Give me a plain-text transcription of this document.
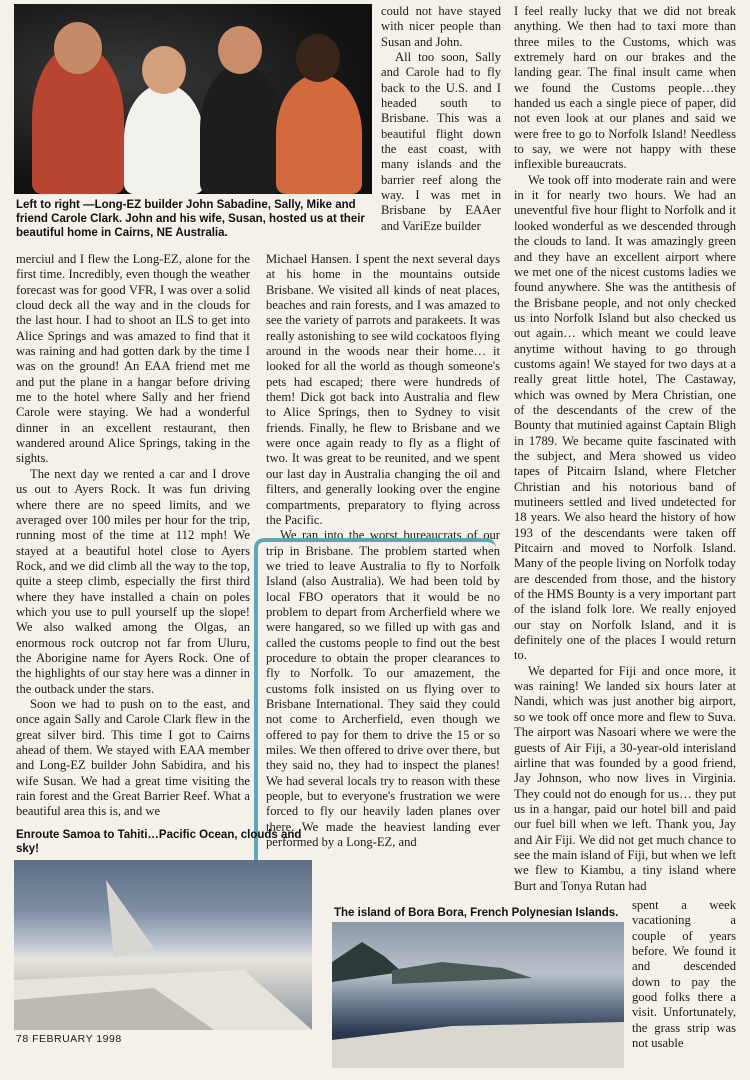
Left to right —Long-EZ builder John Sabadine, Sally, Mike and friend Carole Clark. John and his wife, Susan, hosted us at their beautiful home in Cairns, NE Australia.

merciul and I flew the Long-EZ, alone for the first time. Incredibly, even though the weather forecast was for good VFR, I was over a solid cloud deck all the way and in the clouds for the last hour. I had to shoot an ILS to get into Alice Springs and was amazed to find that it was raining and had gotten dark by the time I was on the ground! An EAA friend met me and put the plane in a hangar before driving me to the hotel where Sally and her friend Carole were staying. We had a wonderful dinner in an excellent restaurant, then wandered around Alice Springs, taking in the sights.

The next day we rented a car and I drove us out to Ayers Rock. It was fun driving where there are no speed limits, and we averaged over 100 miles per hour for the trip, running most of the time at 112 mph! We stayed at a beautiful hotel close to Ayers Rock, and we did climb all the way to the top, quite a steep climb, especially the first third where they have installed a chain on poles which you use to pull yourself up the slope! We also walked among the Olgas, an enormous rock outcrop not far from Uluru, the Aborigine name for Ayers Rock. One of the highlights of our stay here was a dinner in the outback under the stars.

Soon we had to push on to the east, and once again Sally and Carole Clark flew in the great silver bird. This time I got to Cairns ahead of them. We stayed with EAA member and Long-EZ builder John Sabidira, and his wife Susan. We had a great time visiting the rain forest and the Great Barrier Reef. What a beautiful area this is, and we

could not have stayed with nicer people than Susan and John.

All too soon, Sally and Carole had to fly back to the U.S. and I headed south to Brisbane. This was a beautiful flight down the east coast, with many islands and the barrier reef along the way. I was met in Brisbane by EAAer and VariEze builder

Michael Hansen. I spent the next several days at his home in the mountains outside Brisbane. We visited all kinds of neat places, beaches and rain forests, and I was amazed to see the variety of parrots and parakeets. It was really astonishing to see wild cockatoos flying around in the woods near their home… it looked for all the world as though someone's pets had escaped; there were hundreds of them! Dick got back into Australia and flew to Alice Springs, then to Sydney to visit friends. Finally, he flew to Brisbane and we were once again ready to fly as a flight of two. It was great to be reunited, and we spent our last day in Australia changing the oil and filters, and generally looking over the engine compartments, preparatory to flying across the Pacific.

We ran into the worst bureaucrats of our trip in Brisbane. The problem started when we tried to leave Australia to fly to Norfolk Island (also Australia). We had been told by local FBO operators that it would be no problem to depart from Archerfield where we were hangared, so we filled up with gas and called the customs people to find out the best procedure to obtain the proper clearances to fly to Norfolk. To our amazement, the customs folk insisted on us flying over to Brisbane International. They said they could not come to Archerfield, even though we offered to pay for them to drive the 15 or so miles. We then offered to drive over there, but they said no, they had to inspect the planes! We had several locals try to reason with these people, but to everyone's frustration we were forced to fly our heavily laden planes over there. We made the heaviest landing ever performed by a Long-EZ, and

I feel really lucky that we did not break anything. We then had to taxi more than three miles to the Customs, which was extremely hard on our brakes and the landing gear. The final insult came when we found the Customs people…they handed us each a single piece of paper, did not even look at our planes and said we were free to go to Norfolk Island! Needless to say, we were not happy with these inflexible bureaucrats.

We took off into moderate rain and were in it for nearly two hours. We had an uneventful five hour flight to Norfolk and it looked wonderful as we descended through the clouds to land. It was amazingly green and they have an excellent airport where we met one of the nicest customs ladies we found anywhere. She was the antithesis of the Brisbane people, and not only checked us into Norfolk Island but also checked us out again… which meant we could leave anytime without having to go through customs again! We stayed for two days at a really great little hotel, The Castaway, which was owned by Mera Christian, one of the descendants of the crew of the Bounty that mutinied against Captain Bligh in 1789. We became quite fascinated with the subject, and Mera showed us video tapes of Pitcairn Island, where Fletcher Christian and his notorious band of mutineers settled and lived undetected for 18 years. We also heard the history of how 193 of the descendants were taken off Pitcairn and moved to Norfolk Island. Many of the people living on Norfolk today are descended from those, and the history of the HMS Bounty is a very important part of the island folk lore. We really enjoyed our stay on Norfolk Island, and it is definitely one of the places I would return to.

We departed for Fiji and once more, it was raining! We landed six hours later at Nandi, which was just another big airport, so we took off once more and flew to Suva. The airport was Nasoari where we were the guests of Air Fiji, a 30-year-old interisland airline that was founded by a good friend, Jay Johnson, who now lives in Virginia. They could not do enough for us… they put us in a hangar, paid our hotel bill and paid our fuel bill when we left. Thank you, Jay and Air Fiji. We did not get much chance to see the main island of Fiji, but when we left we flew to Kiambu, a tiny island where Burt and Tonya Rutan had

spent a week vacationing a couple of years before. We found it and descended down to pay the good folks there a visit. Unfortunately, the grass strip was not usable

Enroute Samoa to Tahiti…Pacific Ocean, clouds and sky!
The island of Bora Bora, French Polynesian Islands.
78 FEBRUARY 1998
